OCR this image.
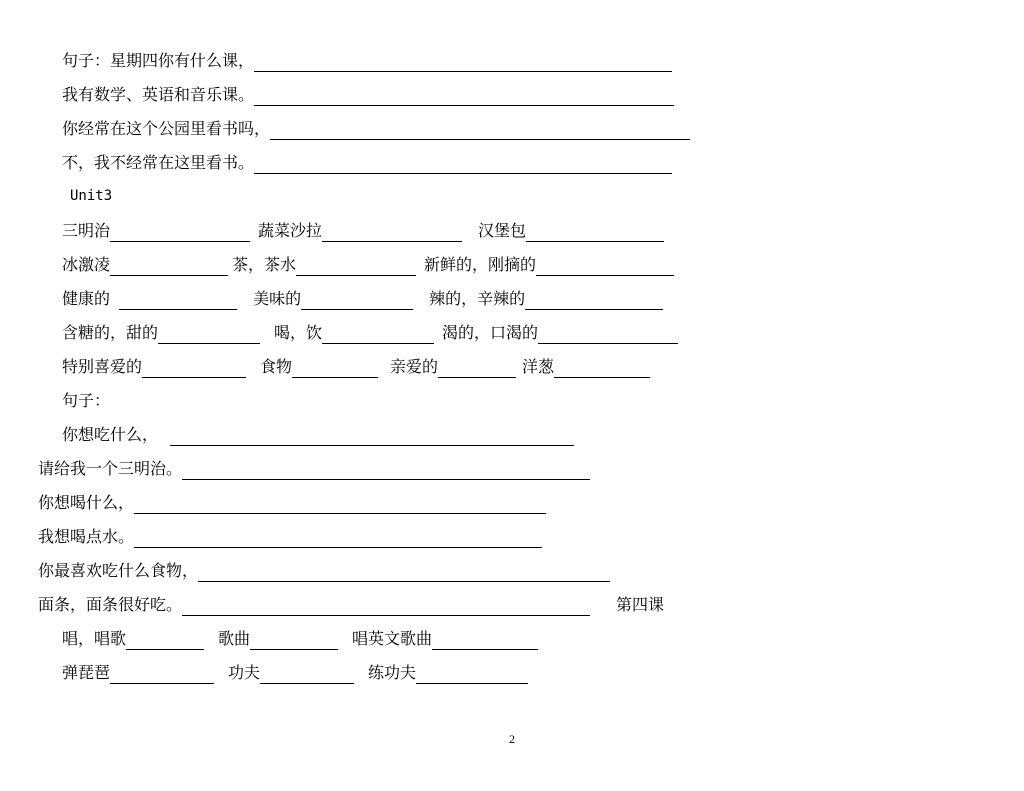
句子：星期四你有什么课，
我有数学、英语和音乐课。
你经常在这个公园里看书吗，
不，我不经常在这里看书。
Unit3
三明治	蔬菜沙拉	汉堡包
冰激凌	茶，茶水	新鲜的，刚摘的
健康的	美味的	辣的，辛辣的
含糖的，甜的	喝，饮	渴的，口渴的
特别喜爱的	食物	亲爱的	洋葱
句子：
你想吃什么，
请给我一个三明治。
你想喝什么，
我想喝点水。
你最喜欢吃什么食物，
面条，面条很好吃。	第四课
唱，唱歌	歌曲	唱英文歌曲
弹琵琶	功夫	练功夫
2
